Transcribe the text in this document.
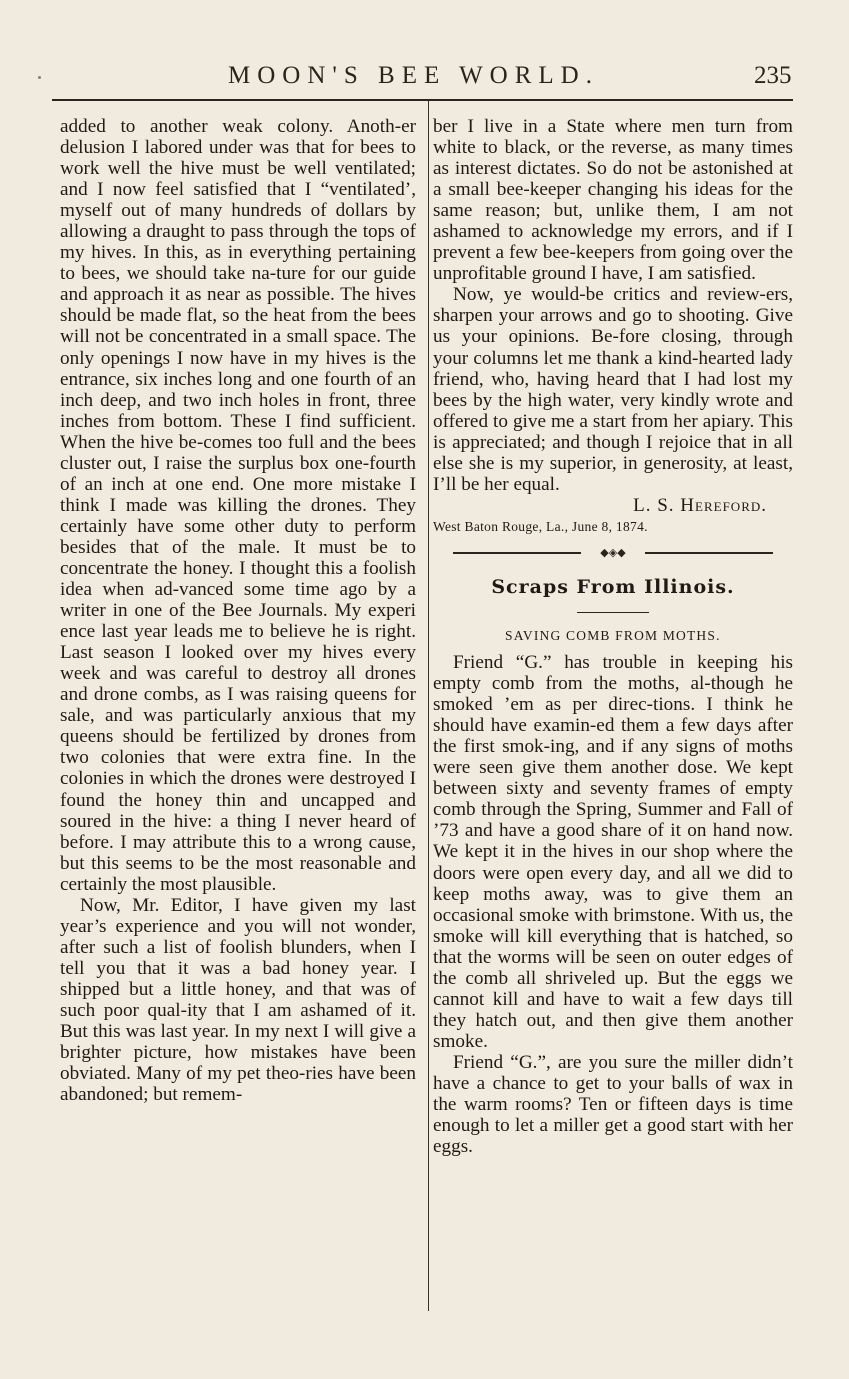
MOON'S BEE WORLD.	235

added to another weak colony. Anoth-er delusion I labored under was that for bees to work well the hive must be well ventilated; and I now feel satisfied that I “ventilated’, myself out of many hundreds of dollars by allowing a draught to pass through the tops of my hives. In this, as in everything pertaining to bees, we should take na-ture for our guide and approach it as near as possible. The hives should be made flat, so the heat from the bees will not be concentrated in a small space. The only openings I now have in my hives is the entrance, six inches long and one fourth of an inch deep, and two inch holes in front, three inches from bottom. These I find sufficient. When the hive be-comes too full and the bees cluster out, I raise the surplus box one-fourth of an inch at one end. One more mistake I think I made was killing the drones. They certainly have some other duty to perform besides that of the male. It must be to concentrate the honey. I thought this a foolish idea when ad-vanced some time ago by a writer in one of the Bee Journals. My experi ence last year leads me to believe he is right. Last season I looked over my hives every week and was careful to destroy all drones and drone combs, as I was raising queens for sale, and was particularly anxious that my queens should be fertilized by drones from two colonies that were extra fine. In the colonies in which the drones were destroyed I found the honey thin and uncapped and soured in the hive: a thing I never heard of before. I may attribute this to a wrong cause, but this seems to be the most reasonable and certainly the most plausible.

Now, Mr. Editor, I have given my last year’s experience and you will not wonder, after such a list of foolish blunders, when I tell you that it was a bad honey year. I shipped but a little honey, and that was of such poor qual-ity that I am ashamed of it. But this was last year. In my next I will give a brighter picture, how mistakes have been obviated. Many of my pet theo-ries have been abandoned; but remem-

ber I live in a State where men turn from white to black, or the reverse, as many times as interest dictates. So do not be astonished at a small bee-keeper changing his ideas for the same reason; but, unlike them, I am not ashamed to acknowledge my errors, and if I prevent a few bee-keepers from going over the unprofitable ground I have, I am satisfied.

Now, ye would-be critics and review-ers, sharpen your arrows and go to shooting. Give us your opinions. Be-fore closing, through your columns let me thank a kind-hearted lady friend, who, having heard that I had lost my bees by the high water, very kindly wrote and offered to give me a start from her apiary. This is appreciated; and though I rejoice that in all else she is my superior, in generosity, at least, I’ll be her equal.

L. S. Hereford.

West Baton Rouge, La., June 8, 1874.

◆◈◆
Scraps From Illinois.
SAVING COMB FROM MOTHS.

Friend “G.” has trouble in keeping his empty comb from the moths, al-though he smoked ’em as per direc-tions. I think he should have examin-ed them a few days after the first smok-ing, and if any signs of moths were seen give them another dose. We kept between sixty and seventy frames of empty comb through the Spring, Summer and Fall of ’73 and have a good share of it on hand now. We kept it in the hives in our shop where the doors were open every day, and all we did to keep moths away, was to give them an occasional smoke with brimstone. With us, the smoke will kill everything that is hatched, so that the worms will be seen on outer edges of the comb all shriveled up. But the eggs we cannot kill and have to wait a few days till they hatch out, and then give them another smoke.

Friend “G.”, are you sure the miller didn’t have a chance to get to your balls of wax in the warm rooms? Ten or fifteen days is time enough to let a miller get a good start with her eggs.
